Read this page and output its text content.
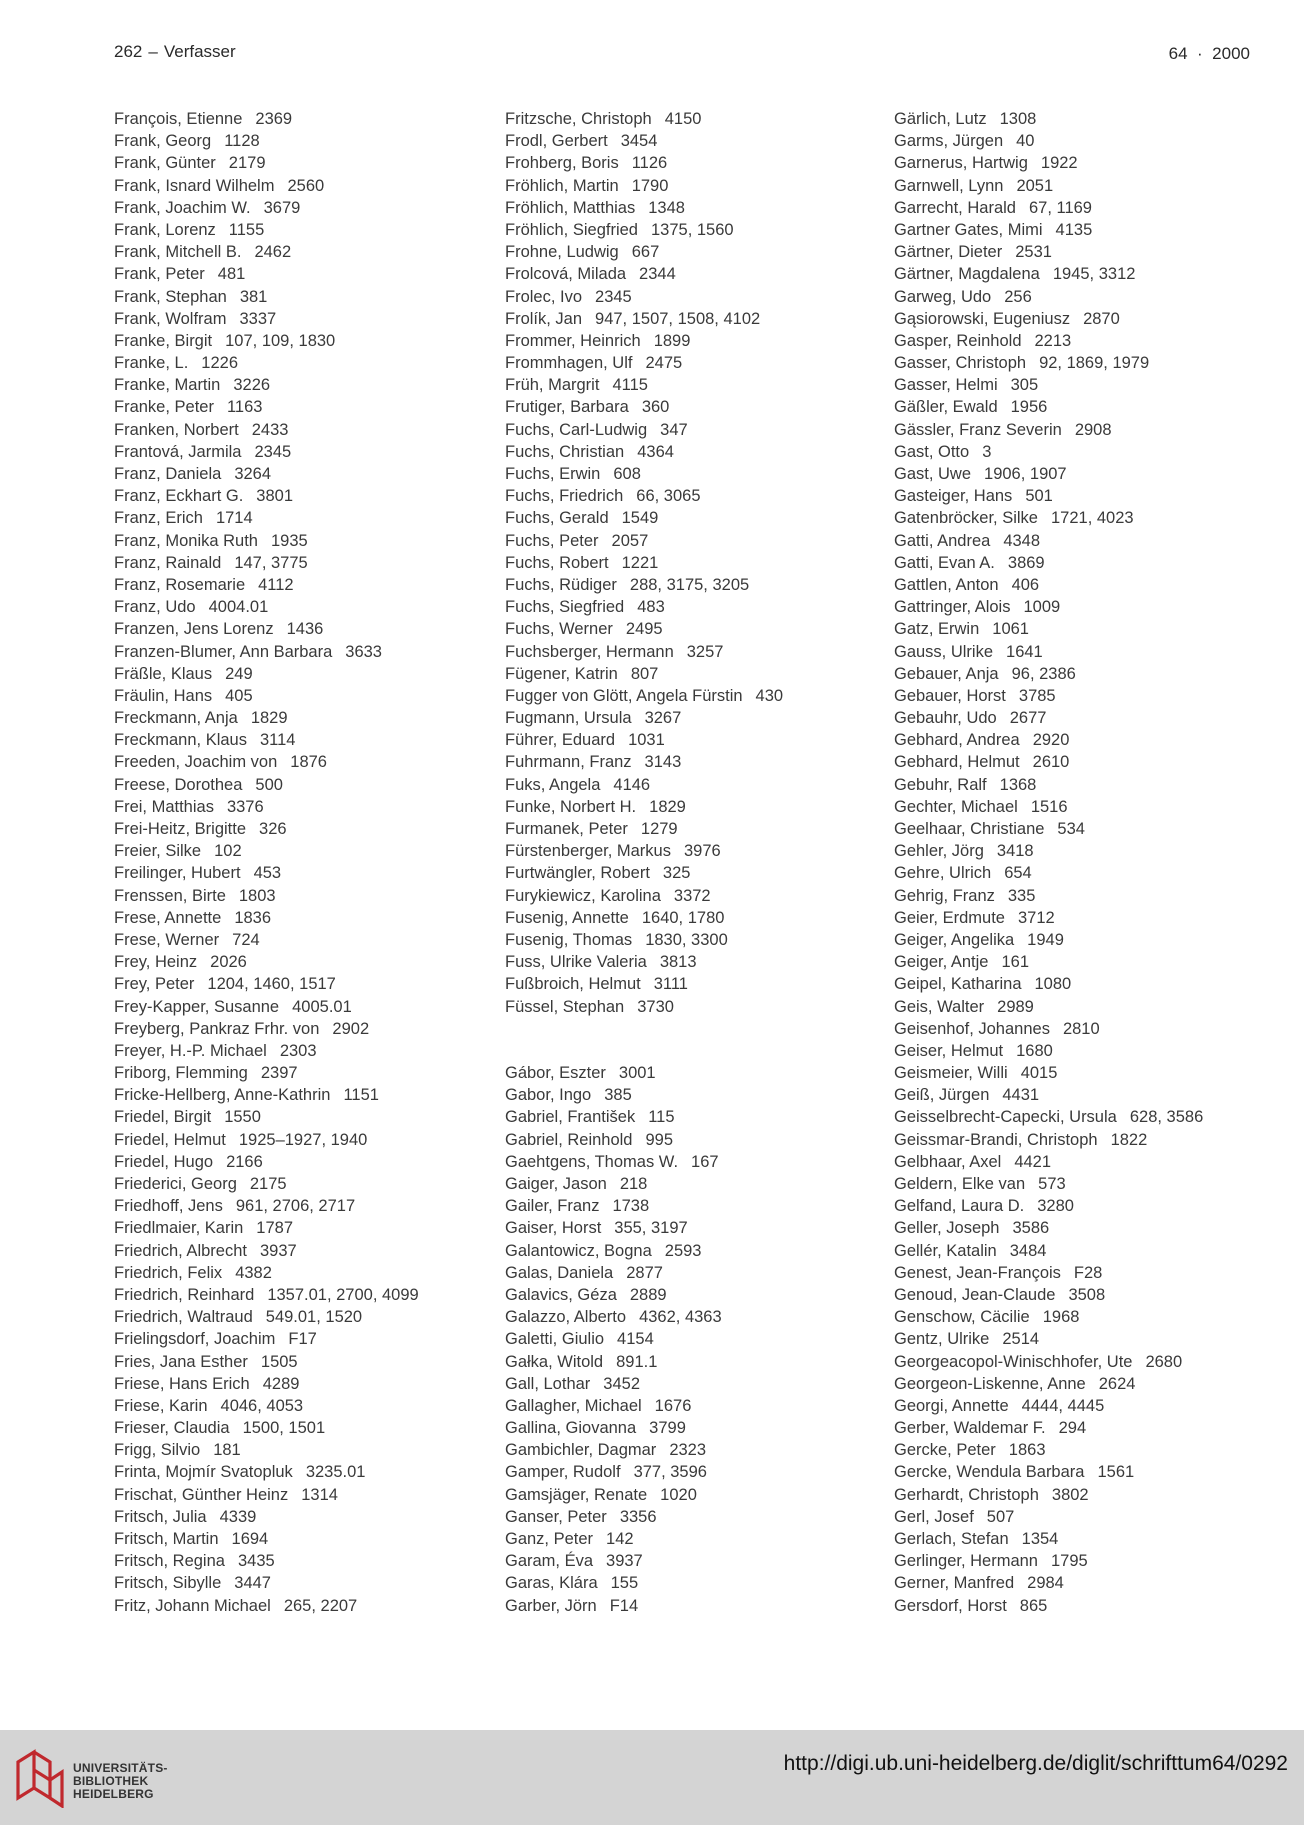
262 – Verfasser	64 · 2000
François, Etienne 2369
Frank, Georg 1128
Frank, Günter 2179
Frank, Isnard Wilhelm 2560
Frank, Joachim W. 3679
Frank, Lorenz 1155
Frank, Mitchell B. 2462
Frank, Peter 481
Frank, Stephan 381
Frank, Wolfram 3337
Franke, Birgit 107, 109, 1830
Franke, L. 1226
Franke, Martin 3226
Franke, Peter 1163
Franken, Norbert 2433
Frantová, Jarmila 2345
Franz, Daniela 3264
Franz, Eckhart G. 3801
Franz, Erich 1714
Franz, Monika Ruth 1935
Franz, Rainald 147, 3775
Franz, Rosemarie 4112
Franz, Udo 4004.01
Franzen, Jens Lorenz 1436
Franzen-Blumer, Ann Barbara 3633
Fräßle, Klaus 249
Fräulin, Hans 405
Freckmann, Anja 1829
Freckmann, Klaus 3114
Freeden, Joachim von 1876
Freese, Dorothea 500
Frei, Matthias 3376
Frei-Heitz, Brigitte 326
Freier, Silke 102
Freilinger, Hubert 453
Frenssen, Birte 1803
Frese, Annette 1836
Frese, Werner 724
Frey, Heinz 2026
Frey, Peter 1204, 1460, 1517
Frey-Kapper, Susanne 4005.01
Freyberg, Pankraz Frhr. von 2902
Freyer, H.-P. Michael 2303
Friborg, Flemming 2397
Fricke-Hellberg, Anne-Kathrin 1151
Friedel, Birgit 1550
Friedel, Helmut 1925–1927, 1940
Friedel, Hugo 2166
Friederici, Georg 2175
Friedhoff, Jens 961, 2706, 2717
Friedlmaier, Karin 1787
Friedrich, Albrecht 3937
Friedrich, Felix 4382
Friedrich, Reinhard 1357.01, 2700, 4099
Friedrich, Waltraud 549.01, 1520
Frielingsdorf, Joachim F17
Fries, Jana Esther 1505
Friese, Hans Erich 4289
Friese, Karin 4046, 4053
Frieser, Claudia 1500, 1501
Frigg, Silvio 181
Frinta, Mojmír Svatopluk 3235.01
Frischat, Günther Heinz 1314
Fritsch, Julia 4339
Fritsch, Martin 1694
Fritsch, Regina 3435
Fritsch, Sibylle 3447
Fritz, Johann Michael 265, 2207
Fritzsche, Christoph 4150
Frodl, Gerbert 3454
Frohberg, Boris 1126
Fröhlich, Martin 1790
Fröhlich, Matthias 1348
Fröhlich, Siegfried 1375, 1560
Frohne, Ludwig 667
Frolcová, Milada 2344
Frolec, Ivo 2345
Frolík, Jan 947, 1507, 1508, 4102
Frommer, Heinrich 1899
Frommhagen, Ulf 2475
Früh, Margrit 4115
Frutiger, Barbara 360
Fuchs, Carl-Ludwig 347
Fuchs, Christian 4364
Fuchs, Erwin 608
Fuchs, Friedrich 66, 3065
Fuchs, Gerald 1549
Fuchs, Peter 2057
Fuchs, Robert 1221
Fuchs, Rüdiger 288, 3175, 3205
Fuchs, Siegfried 483
Fuchs, Werner 2495
Fuchsberger, Hermann 3257
Fügener, Katrin 807
Fugger von Glött, Angela Fürstin 430
Fugmann, Ursula 3267
Führer, Eduard 1031
Fuhrmann, Franz 3143
Fuks, Angela 4146
Funke, Norbert H. 1829
Furmanek, Peter 1279
Fürstenberger, Markus 3976
Furtwängler, Robert 325
Furykiewicz, Karolina 3372
Fusenig, Annette 1640, 1780
Fusenig, Thomas 1830, 3300
Fuss, Ulrike Valeria 3813
Fußbroich, Helmut 3111
Füssel, Stephan 3730
Gábor, Eszter 3001
Gabor, Ingo 385
Gabriel, František 115
Gabriel, Reinhold 995
Gaehtgens, Thomas W. 167
Gaiger, Jason 218
Gailer, Franz 1738
Gaiser, Horst 355, 3197
Galantowicz, Bogna 2593
Galas, Daniela 2877
Galavics, Géza 2889
Galazzo, Alberto 4362, 4363
Galetti, Giulio 4154
Gałka, Witold 891.1
Gall, Lothar 3452
Gallagher, Michael 1676
Gallina, Giovanna 3799
Gambichler, Dagmar 2323
Gamper, Rudolf 377, 3596
Gamsjäger, Renate 1020
Ganser, Peter 3356
Ganz, Peter 142
Garam, Éva 3937
Garas, Klára 155
Garber, Jörn F14
Gärlich, Lutz 1308
Garms, Jürgen 40
Garnerus, Hartwig 1922
Garnwell, Lynn 2051
Garrecht, Harald 67, 1169
Gartner Gates, Mimi 4135
Gärtner, Dieter 2531
Gärtner, Magdalena 1945, 3312
Garweg, Udo 256
Gąsiorowski, Eugeniusz 2870
Gasper, Reinhold 2213
Gasser, Christoph 92, 1869, 1979
Gasser, Helmi 305
Gäßler, Ewald 1956
Gässler, Franz Severin 2908
Gast, Otto 3
Gast, Uwe 1906, 1907
Gasteiger, Hans 501
Gatenbröcker, Silke 1721, 4023
Gatti, Andrea 4348
Gatti, Evan A. 3869
Gattlen, Anton 406
Gattringer, Alois 1009
Gatz, Erwin 1061
Gauss, Ulrike 1641
Gebauer, Anja 96, 2386
Gebauer, Horst 3785
Gebauhr, Udo 2677
Gebhard, Andrea 2920
Gebhard, Helmut 2610
Gebuhr, Ralf 1368
Gechter, Michael 1516
Geelhaar, Christiane 534
Gehler, Jörg 3418
Gehre, Ulrich 654
Gehrig, Franz 335
Geier, Erdmute 3712
Geiger, Angelika 1949
Geiger, Antje 161
Geipel, Katharina 1080
Geis, Walter 2989
Geisenhof, Johannes 2810
Geiser, Helmut 1680
Geismeier, Willi 4015
Geiß, Jürgen 4431
Geisselbrecht-Capecki, Ursula 628, 3586
Geissmar-Brandi, Christoph 1822
Gelbhaar, Axel 4421
Geldern, Elke van 573
Gelfand, Laura D. 3280
Geller, Joseph 3586
Gellér, Katalin 3484
Genest, Jean-François F28
Genoud, Jean-Claude 3508
Genschow, Cäcilie 1968
Gentz, Ulrike 2514
Georgeacopol-Winischhofer, Ute 2680
Georgeon-Liskenne, Anne 2624
Georgi, Annette 4444, 4445
Gerber, Waldemar F. 294
Gercke, Peter 1863
Gercke, Wendula Barbara 1561
Gerhardt, Christoph 3802
Gerl, Josef 507
Gerlach, Stefan 1354
Gerlinger, Hermann 1795
Gerner, Manfred 2984
Gersdorf, Horst 865
UNIVERSITÄTS-
BIBLIOTHEK
HEIDELBERG
http://digi.ub.uni-heidelberg.de/diglit/schrifttum64/0292
